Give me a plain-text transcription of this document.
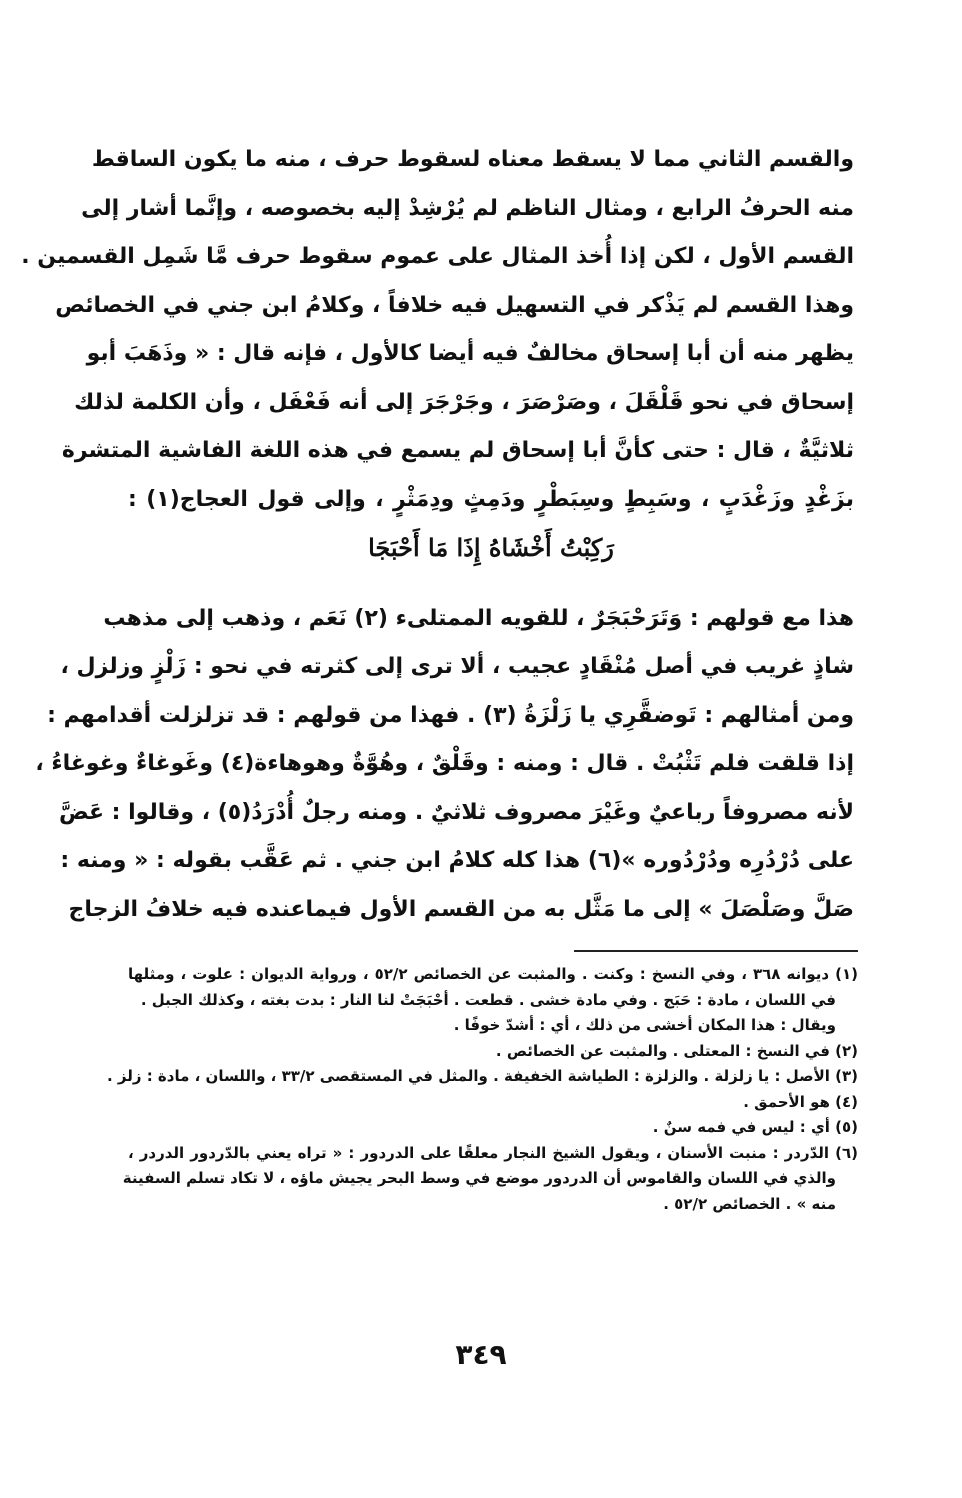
والقسم الثاني مما لا يسقط معناه لسقوط حرف ، منه ما يكون الساقط
منه الحرفُ الرابع ، ومثال الناظم لم يُرْشِدْ إليه بخصوصه ، وإنَّما أشار إلى
القسم الأول ، لكن إذا أُخذ المثال على عموم سقوط حرف مَّا شَمِل القسمين .
وهذا القسم لم يَذْكر في التسهيل فيه خلافاً ، وكلامُ ابن جني في الخصائص
يظهر منه أن أبا إسحاق مخالفٌ فيه أيضا كالأول ، فإنه قال : « وذَهَبَ أبو
إسحاق في نحو قَلْقَلَ ، وصَرْصَرَ ، وجَرْجَرَ إلى أنه فَعْفَل ، وأن الكلمة لذلك
ثلاثيَّةٌ ، قال : حتى كأنَّ أبا إسحاق لم يسمع في هذه اللغة الفاشية المتشرة
بزَغْدٍ وزَغْدَبٍ ، وسَبِطٍ وسِبَطْرٍ ودَمِثٍ ودِمَثْرٍ ، وإلى قول العجاج(١) :
رَكِبْتُ أَخْشَاهُ إِذَا مَا أَحْبَجَا
هذا مع قولهم : وَتَرَحْبَجَرٌ ، للقويه الممتلىء (٢) نَعَم ، وذهب إلى مذهب
شاذٍ غريب في أصل مُنْقَادٍ عجيب ، ألا ترى إلى كثرته في نحو : زَلْزٍ وزلزل ،
ومن أمثالهم : تَوضقَّرِي يا زَلْزَةُ (٣) . فهذا من قولهم : قد تزلزلت أقدامهم :
إذا قلقت فلم تَثْبُتْ . قال : ومنه : وقَلْقٌ ، وهُوَّةٌ وهوهاءة(٤) وغَوغاءٌ وغوغاءُ ،
لأنه مصروفاً رباعيٌ وغَيْرَ مصروف ثلاثيٌ . ومنه رجلٌ أُدْرَدُ(٥) ، وقالوا : عَضَّ
على دُرْدُرِه ودُرْدُوره »(٦) هذا كله كلامُ ابن جني . ثم عَقَّب بقوله : « ومنه :
صَلَّ وصَلْصَلَ » إلى ما مَثَّل به من القسم الأول فيماعنده فيه خلافُ الزجاج
(١) ديوانه ٣٦٨ ، وفي النسخ : وكنت . والمثبت عن الخصائص ٥٢/٢ ، ورواية الديوان : علوت ، ومثلها
في اللسان ، مادة : حَبَج . وفي مادة خشى . قطعت . أحْبَجَتْ لنا النار : بدت بغته ، وكذلك الجبل .
ويقال : هذا المكان أخشى من ذلك ، أي : أشدّ خوفًا .
(٢) في النسخ : المعتلى . والمثبت عن الخصائص .
(٣) الأصل : يا زلزلة . والزلزة : الطياشة الخفيفة . والمثل في المستقصى ٣٣/٢ ، واللسان ، مادة : زلز .
(٤) هو الأحمق .
(٥) أي : ليس في فمه سنٌ .
(٦) الدّردر : منبت الأسنان ، ويقول الشيخ النجار معلقًا على الدردور : « تراه يعني بالدّردور الدردر ،
والذي في اللسان والقاموس أن الدردور موضع في وسط البحر يجيش ماؤه ، لا تكاد تسلم السفينة
منه » . الخصائص ٥٢/٢ .
٣٤٩
